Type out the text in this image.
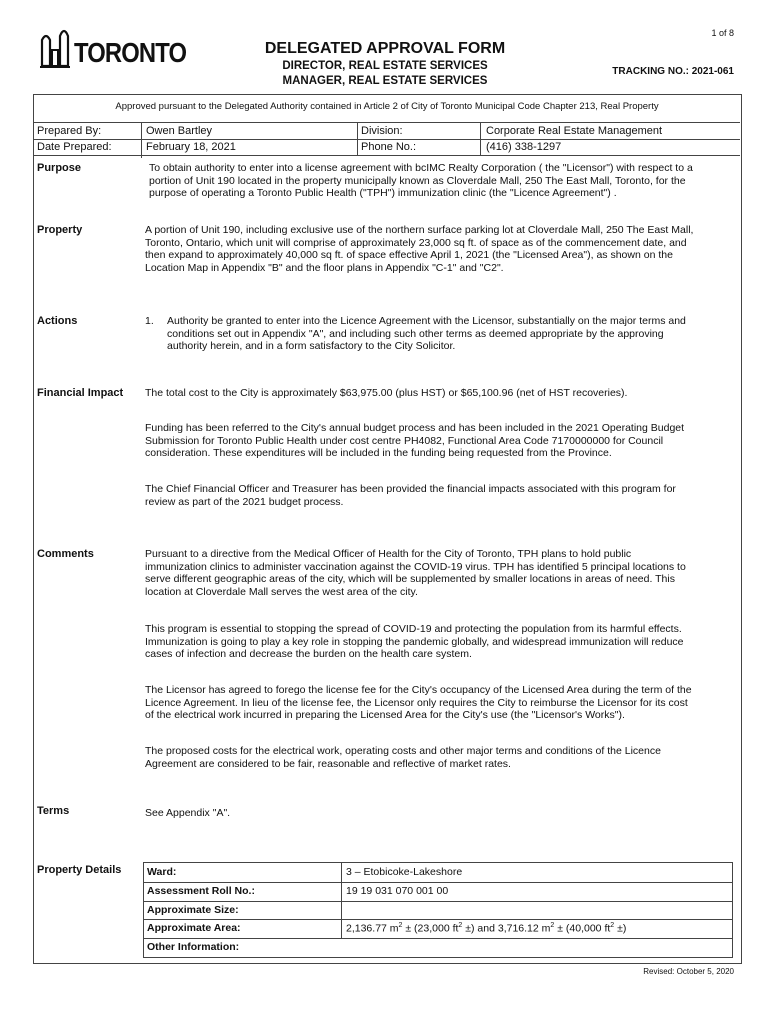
TORONTO
1 of 8
DELEGATED APPROVAL FORM
DIRECTOR, REAL ESTATE SERVICES
MANAGER, REAL ESTATE SERVICES
TRACKING NO.: 2021-061
Approved pursuant to the Delegated Authority contained in Article 2 of City of Toronto Municipal Code Chapter 213, Real Property
Prepared By:	Owen Bartley	Division:	Corporate Real Estate Management
Date Prepared:	February 18, 2021	Phone No.:	(416) 338-1297
Purpose	To obtain authority to enter into a license agreement with bcIMC Realty Corporation ( the "Licensor") with respect to a
portion of Unit 190 located in the property municipally known as Cloverdale Mall, 250 The East Mall, Toronto, for the
purpose of operating a Toronto Public Health ("TPH") immunization clinic (the "Licence Agreement") .
Property	A portion of Unit 190, including exclusive use of the northern surface parking lot at Cloverdale Mall, 250 The East Mall,
Toronto, Ontario, which unit will comprise of approximately 23,000 sq ft. of space as of the commencement date, and
then expand to approximately 40,000 sq ft. of space effective April 1, 2021 (the "Licensed Area"), as shown on the
Location Map in Appendix "B" and the floor plans in Appendix "C-1" and "C2".
Actions	1. Authority be granted to enter into the Licence Agreement with the Licensor, substantially on the major terms and
conditions set out in Appendix "A", and including such other terms as deemed appropriate by the approving
authority herein, and in a form satisfactory to the City Solicitor.
Financial Impact The total cost to the City is approximately $63,975.00 (plus HST) or $65,100.96 (net of HST recoveries).
Funding has been referred to the City's annual budget process and has been included in the 2021 Operating Budget
Submission for Toronto Public Health under cost centre PH4082, Functional Area Code 7170000000 for Council
consideration. These expenditures will be included in the funding being requested from the Province.
The Chief Financial Officer and Treasurer has been provided the financial impacts associated with this program for
review as part of the 2021 budget process.
Comments	Pursuant to a directive from the Medical Officer of Health for the City of Toronto, TPH plans to hold public
immunization clinics to administer vaccination against the COVID-19 virus. TPH has identified 5 principal locations to
serve different geographic areas of the city, which will be supplemented by smaller locations in areas of need. This
location at Cloverdale Mall serves the west area of the city.
This program is essential to stopping the spread of COVID-19 and protecting the population from its harmful effects.
Immunization is going to play a key role in stopping the pandemic globally, and widespread immunization will reduce
cases of infection and decrease the burden on the health care system.
The Licensor has agreed to forego the license fee for the City's occupancy of the Licensed Area during the term of the
Licence Agreement. In lieu of the license fee, the Licensor only requires the City to reimburse the Licensor for its cost
of the electrical work incurred in preparing the Licensed Area for the City's use (the "Licensor's Works").
The proposed costs for the electrical work, operating costs and other major terms and conditions of the Licence
Agreement are considered to be fair, reasonable and reflective of market rates.
Terms	See Appendix "A".
Property Details Ward:	3 – Etobicoke-Lakeshore
Assessment Roll No.:	19 19 031 070 001 00
Approximate Size:
Approximate Area:	2,136.77 $m^2 \pm (23,000$ $ft^2$ ±) and 3,716.12 $m^2 \pm (40,000$ $ft^2$ ±)
Other Information:
Revised: October 5, 2020
